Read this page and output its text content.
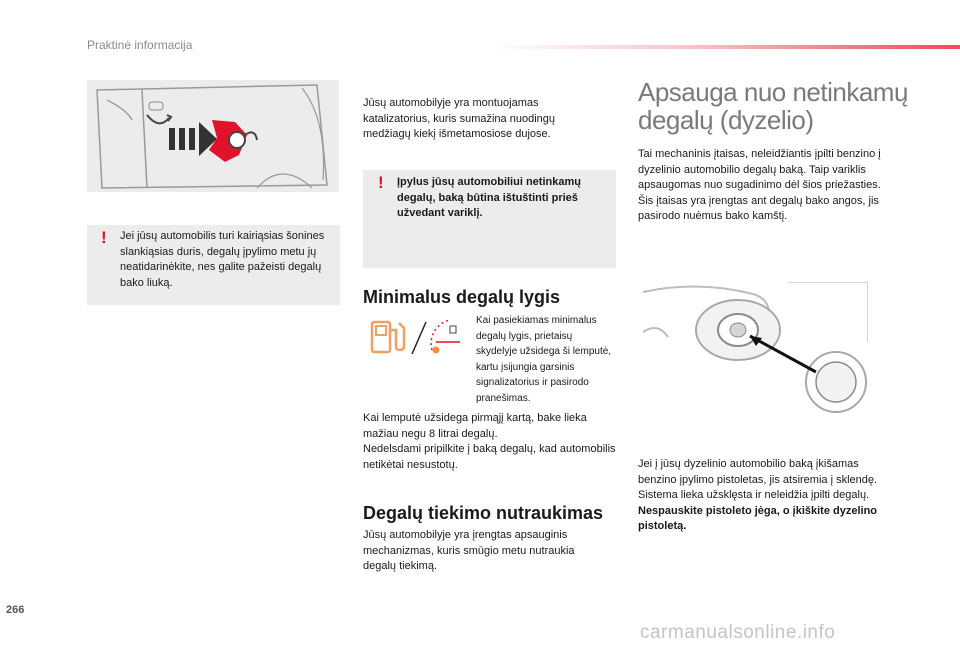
Praktinė informacija
! Jei jūsų automobilis turi kairiąsias šonines slankiąsias duris, degalų įpylimo metu jų neatidarinėkite, nes galite pažeisti degalų bako liuką.
Jūsų automobilyje yra montuojamas katalizatorius, kuris sumažina nuodingų medžiagų kiekį išmetamosiose dujose.
! Įpylus jūsų automobiliui netinkamų degalų, baką būtina ištuštinti prieš užvedant variklį.
Minimalus degalų lygis
Kai pasiekiamas minimalus degalų lygis, prietaisų skydelyje užsidega ši lemputė, kartu įsijungia garsinis signalizatorius ir pasirodo pranešimas.
Kai lemputė užsidega pirmąjį kartą, bake lieka mažiau negu 8 litrai degalų.
Nedelsdami pripilkite į baką degalų, kad automobilis netikėtai nesustotų.
Degalų tiekimo nutraukimas
Jūsų automobilyje yra įrengtas apsauginis mechanizmas, kuris smūgio metu nutraukia degalų tiekimą.
Apsauga nuo netinkamų
degalų (dyzelio)
Tai mechaninis įtaisas, neleidžiantis įpilti benzino į dyzelinio automobilio degalų baką. Taip variklis apsaugomas nuo sugadinimo dėl šios priežasties.
Šis įtaisas yra įrengtas ant degalų bako angos, jis pasirodo nuėmus bako kamštį.
Jei į jūsų dyzelinio automobilio baką įkišamas benzino įpylimo pistoletas, jis atsiremia į sklendę. Sistema lieka užsklęsta ir neleidžia įpilti degalų.
Nespauskite pistoleto jėga, o įkiškite dyzelino pistoletą.
266
carmanualsonline.info
